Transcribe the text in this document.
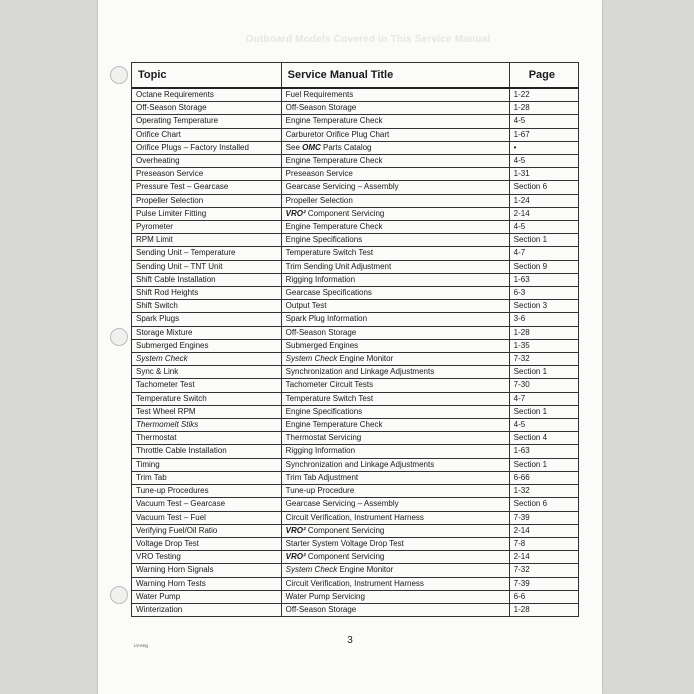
Outboard Models Covered in This Service Manual
Topic	Service Manual Title	Page
Octane Requirements	Fuel Requirements	1-22
Off-Season Storage	Off-Season Storage	1-28
Operating Temperature	Engine Temperature Check	4-5
Orifice Chart	Carburetor Orifice Plug Chart	1-67
Orifice Plugs – Factory Installed	See OMC Parts Catalog	•
Overheating	Engine Temperature Check	4-5
Preseason Service	Preseason Service	1-31
Pressure Test – Gearcase	Gearcase Servicing – Assembly	Section 6
Propeller Selection	Propeller Selection	1-24
Pulse Limiter Fitting	VRO² Component Servicing	2-14
Pyrometer	Engine Temperature Check	4-5
RPM Limit	Engine Specifications	Section 1
Sending Unit – Temperature	Temperature Switch Test	4-7
Sending Unit – TNT Unit	Trim Sending Unit Adjustment	Section 9
Shift Cable Installation	Rigging Information	1-63
Shift Rod Heights	Gearcase Specifications	6-3
Shift Switch	Output Test	Section 3
Spark Plugs	Spark Plug Information	3-6
Storage Mixture	Off-Season Storage	1-28
Submerged Engines	Submerged Engines	1-35
System Check	System Check Engine Monitor	7-32
Sync & Link	Synchronization and Linkage Adjustments	Section 1
Tachometer Test	Tachometer Circuit Tests	7-30
Temperature Switch	Temperature Switch Test	4-7
Test Wheel RPM	Engine Specifications	Section 1
Thermomelt Stiks	Engine Temperature Check	4-5
Thermostat	Thermostat Servicing	Section 4
Throttle Cable Installation	Rigging Information	1-63
Timing	Synchronization and Linkage Adjustments	Section 1
Trim Tab	Trim Tab Adjustment	6-66
Tune-up Procedures	Tune-up Procedure	1-32
Vacuum Test – Gearcase	Gearcase Servicing – Assembly	Section 6
Vacuum Test – Fuel	Circuit Verification, Instrument Harness	7-39
Verifying Fuel/Oil Ratio	VRO² Component Servicing	2-14
Voltage Drop Test	Starter System Voltage Drop Test	7-8
VRO Testing	VRO² Component Servicing	2-14
Warning Horn Signals	System Check Engine Monitor	7-32
Warning Horn Tests	Circuit Verification, Instrument Harness	7-39
Water Pump	Water Pump Servicing	6-6
Winterization	Off-Season Storage	1-28
LV-eng	3
